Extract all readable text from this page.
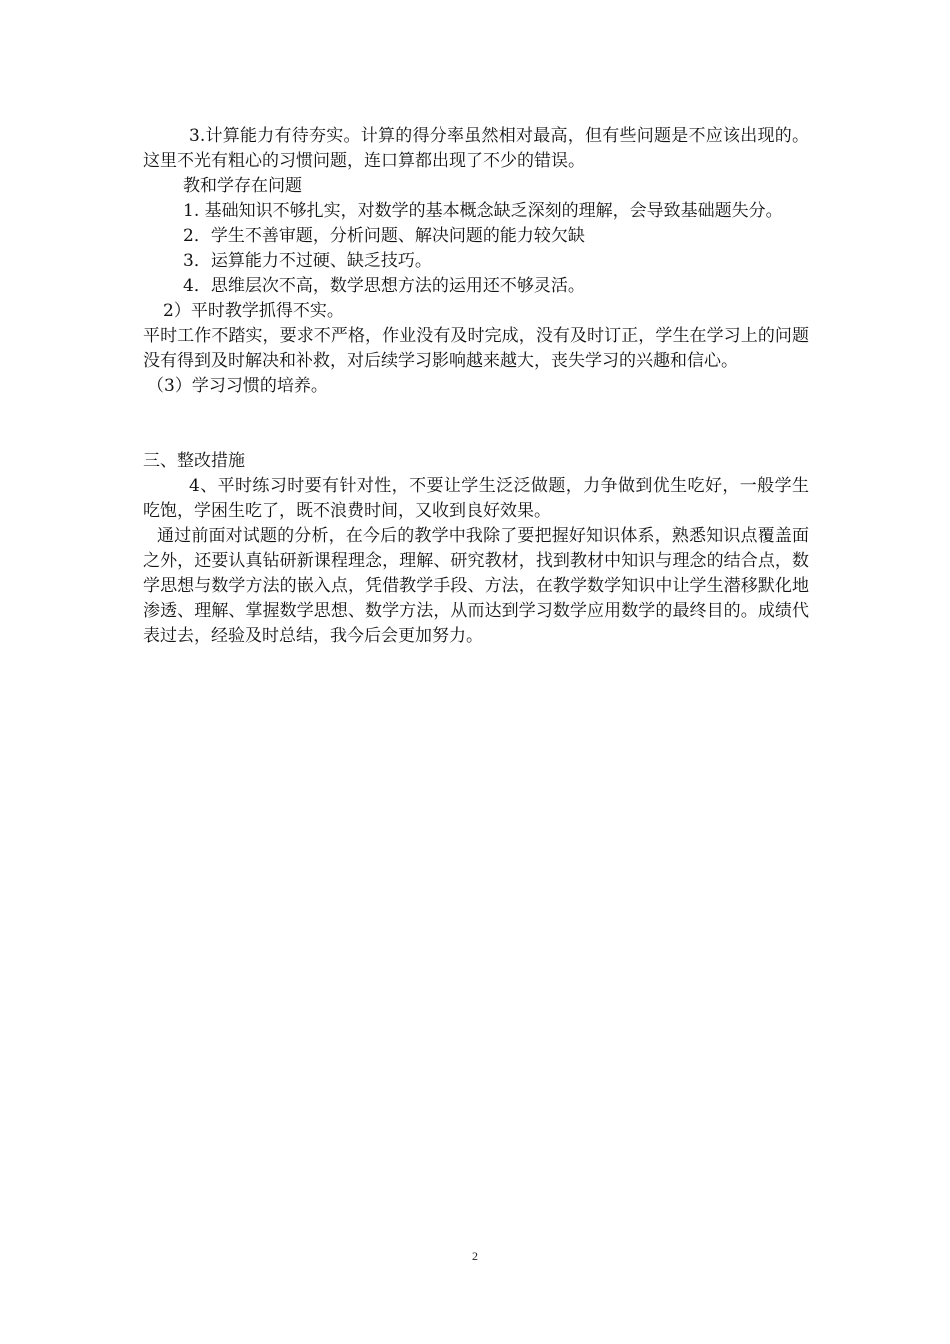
3.计算能力有待夯实。计算的得分率虽然相对最高，但有些问题是不应该出现的。这里不光有粗心的习惯问题，连口算都出现了不少的错误。

教和学存在问题

1. 基础知识不够扎实，对数学的基本概念缺乏深刻的理解，会导致基础题失分。

2．学生不善审题，分析问题、解决问题的能力较欠缺

3．运算能力不过硬、缺乏技巧。

4．思维层次不高，数学思想方法的运用还不够灵活。

2）平时教学抓得不实。

平时工作不踏实，要求不严格，作业没有及时完成，没有及时订正，学生在学习上的问题没有得到及时解决和补救，对后续学习影响越来越大，丧失学习的兴趣和信心。

（3）学习习惯的培养。

三、整改措施

4、平时练习时要有针对性，不要让学生泛泛做题，力争做到优生吃好，一般学生吃饱，学困生吃了，既不浪费时间，又收到良好效果。

通过前面对试题的分析，在今后的教学中我除了要把握好知识体系，熟悉知识点覆盖面之外，还要认真钻研新课程理念，理解、研究教材，找到教材中知识与理念的结合点，数学思想与数学方法的嵌入点，凭借教学手段、方法，在教学数学知识中让学生潜移默化地渗透、理解、掌握数学思想、数学方法，从而达到学习数学应用数学的最终目的。成绩代表过去，经验及时总结，我今后会更加努力。

2
